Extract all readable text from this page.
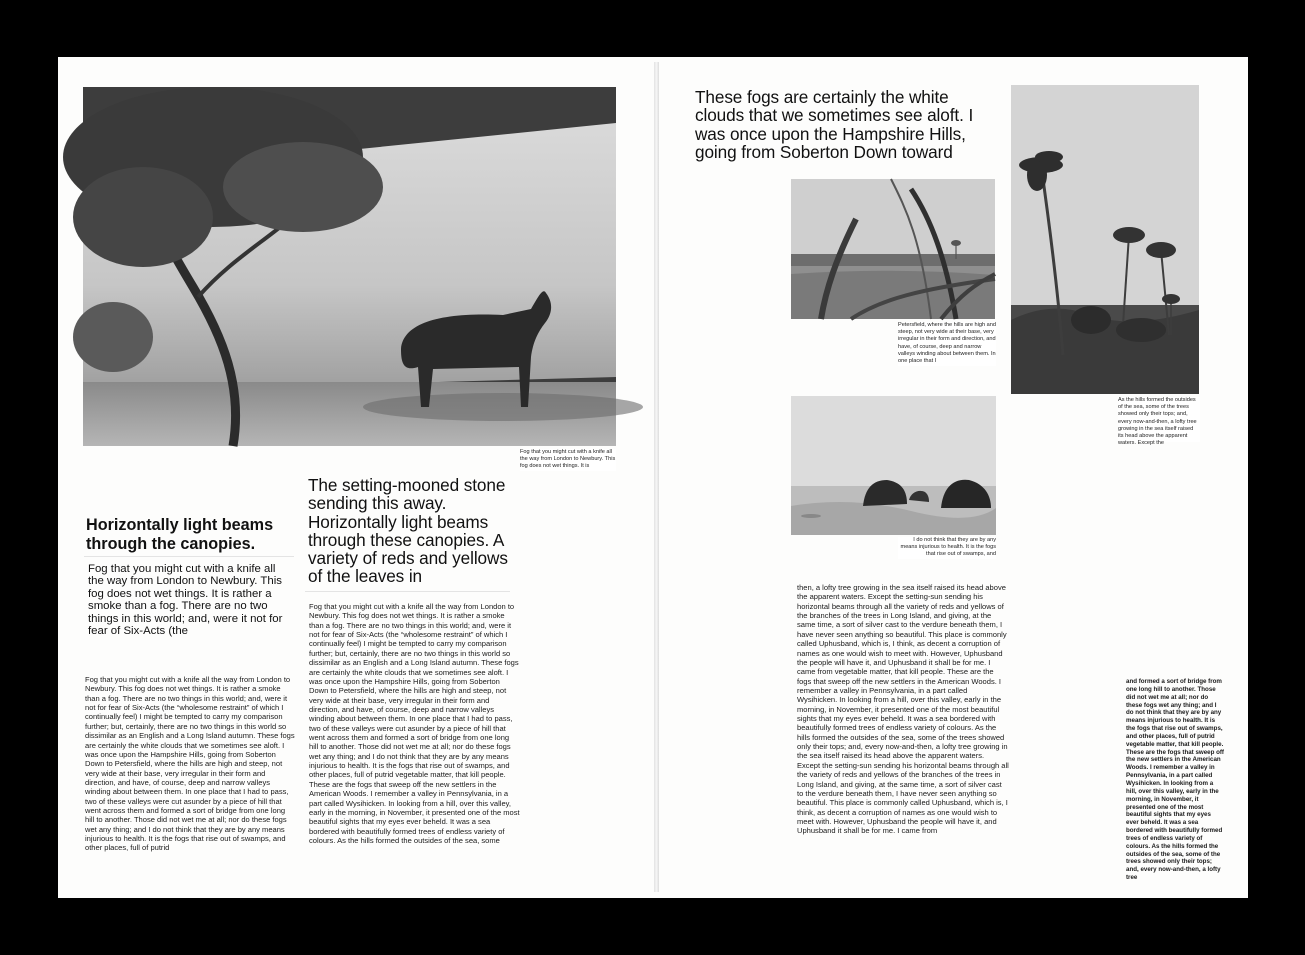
Fog that you might cut with a knife all the way from London to Newbury. This fog does not wet things. It is
Horizontally light beams through the canopies.
Fog that you might cut with a knife all the way from London to Newbury. This fog does not wet things. It is rather a smoke than a fog. There are no two things in this world; and, were it not for fear of Six-Acts (the
The setting-mooned stone sending this away. Horizontally light beams through these canopies. A variety of reds and yellows of the leaves in
Fog that you might cut with a knife all the way from London to Newbury. This fog does not wet things. It is rather a smoke than a fog. There are no two things in this world; and, were it not for fear of Six-Acts (the “wholesome restraint” of which I continually feel) I might be tempted to carry my comparison further; but, certainly, there are no two things in this world so dissimilar as an English and a Long Island autumn. These fogs are certainly the white clouds that we sometimes see aloft. I was once upon the Hampshire Hills, going from Soberton Down to Petersfield, where the hills are high and steep, not very wide at their base, very irregular in their form and direction, and have, of course, deep and narrow valleys winding about between them. In one place that I had to pass, two of these valleys were cut asunder by a piece of hill that went across them and formed a sort of bridge from one long hill to another. Those did not wet me at all; nor do these fogs wet any thing; and I do not think that they are by any means injurious to health. It is the fogs that rise out of swamps, and other places, full of putrid
Fog that you might cut with a knife all the way from London to Newbury. This fog does not wet things. It is rather a smoke than a fog. There are no two things in this world; and, were it not for fear of Six-Acts (the “wholesome restraint” of which I continually feel) I might be tempted to carry my comparison further; but, certainly, there are no two things in this world so dissimilar as an English and a Long Island autumn. These fogs are certainly the white clouds that we sometimes see aloft. I was once upon the Hampshire Hills, going from Soberton Down to Petersfield, where the hills are high and steep, not very wide at their base, very irregular in their form and direction, and have, of course, deep and narrow valleys winding about between them. In one place that I had to pass, two of these valleys were cut asunder by a piece of hill that went across them and formed a sort of bridge from one long hill to another. Those did not wet me at all; nor do these fogs wet any thing; and I do not think that they are by any means injurious to health. It is the fogs that rise out of swamps, and other places, full of putrid vegetable matter, that kill people. These are the fogs that sweep off the new settlers in the American Woods. I remember a valley in Pennsylvania, in a part called Wysihicken. In looking from a hill, over this valley, early in the morning, in November, it presented one of the most beautiful sights that my eyes ever beheld. It was a sea bordered with beautifully formed trees of endless variety of colours. As the hills formed the outsides of the sea, some
These fogs are certainly the white clouds that we sometimes see aloft. I was once upon the Hampshire Hills, going from Soberton Down toward
Petersfield, where the hills are high and steep, not very wide at their base, very irregular in their form and direction, and have, of course, deep and narrow valleys winding about between them. In one place that I
As the hills formed the outsides of the sea, some of the trees showed only their tops; and, every now-and-then, a lofty tree growing in the sea itself raised its head above the apparent waters. Except the
I do not think that they are by any means injurious to health. It is the fogs that rise out of swamps, and
then, a lofty tree growing in the sea itself raised its head above the apparent waters. Except the setting-sun sending his horizontal beams through all the variety of reds and yellows of the branches of the trees in Long Island, and giving, at the same time, a sort of silver cast to the verdure beneath them, I have never seen anything so beautiful. This place is commonly called Uphusband, which is, I think, as decent a corruption of names as one would wish to meet with. However, Uphusband the people will have it, and Uphusband it shall be for me. I came from vegetable matter, that kill people. These are the fogs that sweep off the new settlers in the American Woods. I remember a valley in Pennsylvania, in a part called Wysihicken. In looking from a hill, over this valley, early in the morning, in November, it presented one of the most beautiful sights that my eyes ever beheld. It was a sea bordered with beautifully formed trees of endless variety of colours. As the hills formed the outsides of the sea, some of the trees showed only their tops; and, every now-and-then, a lofty tree growing in the sea itself raised its head above the apparent waters. Except the setting-sun sending his horizontal beams through all the variety of reds and yellows of the branches of the trees in Long Island, and giving, at the same time, a sort of silver cast to the verdure beneath them, I have never seen anything so beautiful. This place is commonly called Uphusband, which is, I think, as decent a corruption of names as one would wish to meet with. However, Uphusband the people will have it, and Uphusband it shall be for me. I came from
and formed a sort of bridge from one long hill to another. Those did not wet me at all; nor do these fogs wet any thing; and I do not think that they are by any means injurious to health. It is the fogs that rise out of swamps, and other places, full of putrid vegetable matter, that kill people. These are the fogs that sweep off the new settlers in the American Woods. I remember a valley in Pennsylvania, in a part called Wysihicken. In looking from a hill, over this valley, early in the morning, in November, it presented one of the most beautiful sights that my eyes ever beheld. It was a sea bordered with beautifully formed trees of endless variety of colours. As the hills formed the outsides of the sea, some of the trees showed only their tops; and, every now-and-then, a lofty tree
